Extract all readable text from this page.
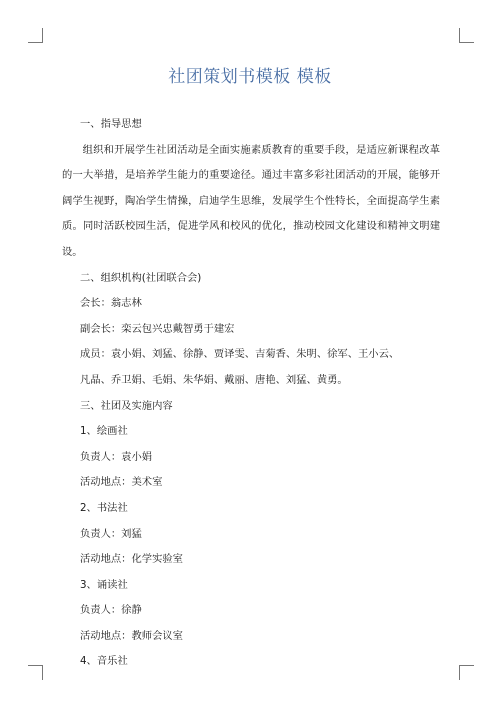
社团策划书模板 模板

一、指导思想

组织和开展学生社团活动是全面实施素质教育的重要手段，是适应新课程改革的一大举措，是培养学生能力的重要途径。通过丰富多彩社团活动的开展，能够开阔学生视野，陶冶学生情操，启迪学生思维，发展学生个性特长，全面提高学生素质。同时活跃校园生活，促进学风和校风的优化，推动校园文化建设和精神文明建设。

二、组织机构(社团联合会)

会长：翁志林

副会长：栾云包兴忠戴智勇于建宏

成员：袁小娟、刘猛、徐静、贾译雯、吉菊香、朱明、徐军、王小云、

凡晶、乔卫娟、毛娟、朱华娟、戴丽、唐艳、刘猛、黄勇。

三、社团及实施内容

1、绘画社

负责人：袁小娟

活动地点：美术室

2、书法社

负责人：刘猛

活动地点：化学实验室

3、诵读社

负责人：徐静

活动地点：教师会议室

4、音乐社
